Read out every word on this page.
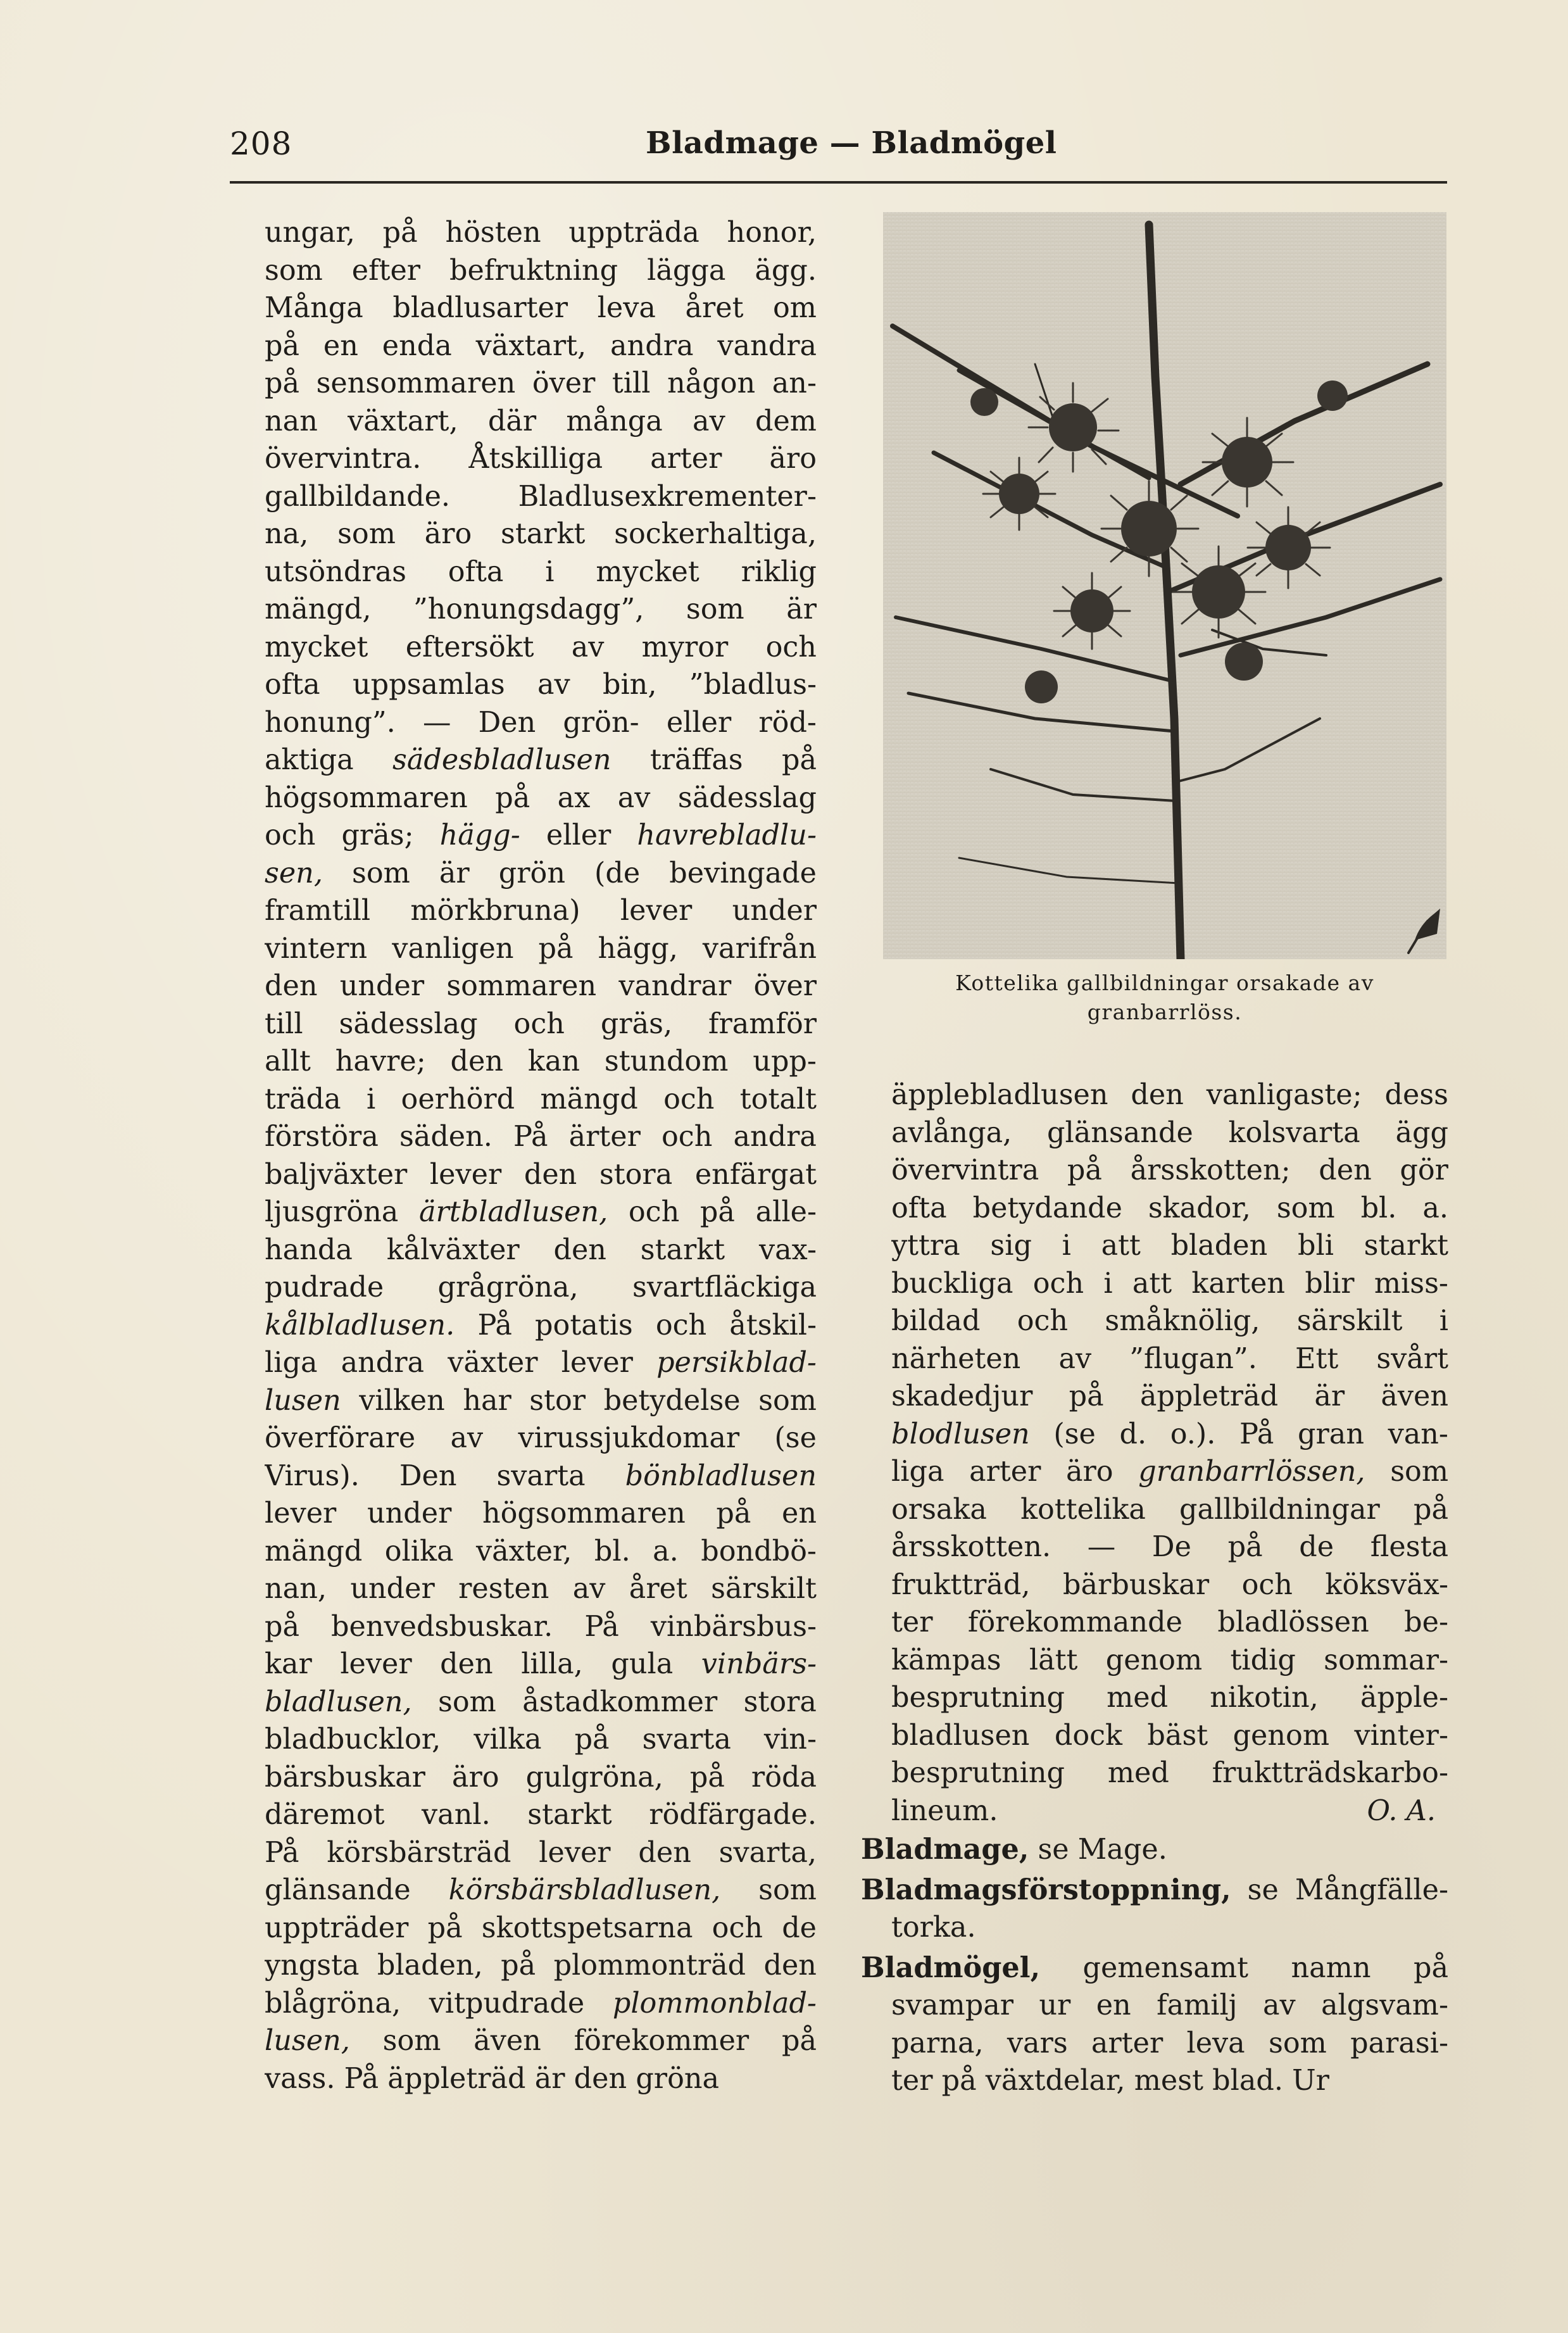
208	Bladmage — Bladmögel
ungar, på hösten uppträda honor,
som efter befruktning lägga ägg.
Många bladlusarter leva året om
på en enda växtart, andra vandra
på sensommaren över till någon an-
nan växtart, där många av dem
övervintra. Åtskilliga arter äro
gallbildande. Bladlusexkrementer-
na, som äro starkt sockerhaltiga,
utsöndras ofta i mycket riklig
mängd, ”honungsdagg”, som är
mycket eftersökt av myror och
ofta uppsamlas av bin, ”bladlus-
honung”. — Den grön- eller röd-
aktiga sädesbladlusen träffas på
högsommaren på ax av sädesslag
och gräs; hägg- eller havrebladlu-
sen, som är grön (de bevingade
framtill mörkbruna) lever under
vintern vanligen på hägg, varifrån
den under sommaren vandrar över
till sädesslag och gräs, framför
allt havre; den kan stundom upp-
träda i oerhörd mängd och totalt
förstöra säden. På ärter och andra
baljväxter lever den stora enfärgat
ljusgröna ärtbladlusen, och på alle-
handa kålväxter den starkt vax-
pudrade grågröna, svartfläckiga
kålbladlusen. På potatis och åtskil-
liga andra växter lever persikblad-
lusen vilken har stor betydelse som
överförare av virussjukdomar (se
Virus). Den svarta bönbladlusen
lever under högsommaren på en
mängd olika växter, bl. a. bondbö-
nan, under resten av året särskilt
på benvedsbuskar. På vinbärsbus-
kar lever den lilla, gula vinbärs-
bladlusen, som åstadkommer stora
bladbucklor, vilka på svarta vin-
bärsbuskar äro gulgröna, på röda
däremot vanl. starkt rödfärgade.
På körsbärsträd lever den svarta,
glänsande körsbärsbladlusen, som
uppträder på skottspetsarna och de
yngsta bladen, på plommonträd den
blågröna, vitpudrade plommonblad-
lusen, som även förekommer på
vass. På äppleträd är den gröna
Kottelika gallbildningar orsakade av
granbarrlöss.
äpplebladlusen den vanligaste; dess
avlånga, glänsande kolsvarta ägg
övervintra på årsskotten; den gör
ofta betydande skador, som bl. a.
yttra sig i att bladen bli starkt
buckliga och i att karten blir miss-
bildad och småknölig, särskilt i
närheten av ”flugan”. Ett svårt
skadedjur på äppleträd är även
blodlusen (se d. o.). På gran van-
liga arter äro granbarrlössen, som
orsaka kottelika gallbildningar på
årsskotten. — De på de flesta
fruktträd, bärbuskar och köksväx-
ter förekommande bladlössen be-
kämpas lätt genom tidig sommar-
besprutning med nikotin, äpple-
bladlusen dock bäst genom vinter-
besprutning med fruktträdskarbo-
lineum.	O. A.
Bladmage, se Mage.
Bladmagsförstoppning, se Mångfälle-
torka.
Bladmögel, gemensamt namn på
svampar ur en familj av algsvam-
parna, vars arter leva som parasi-
ter på växtdelar, mest blad. Ur
